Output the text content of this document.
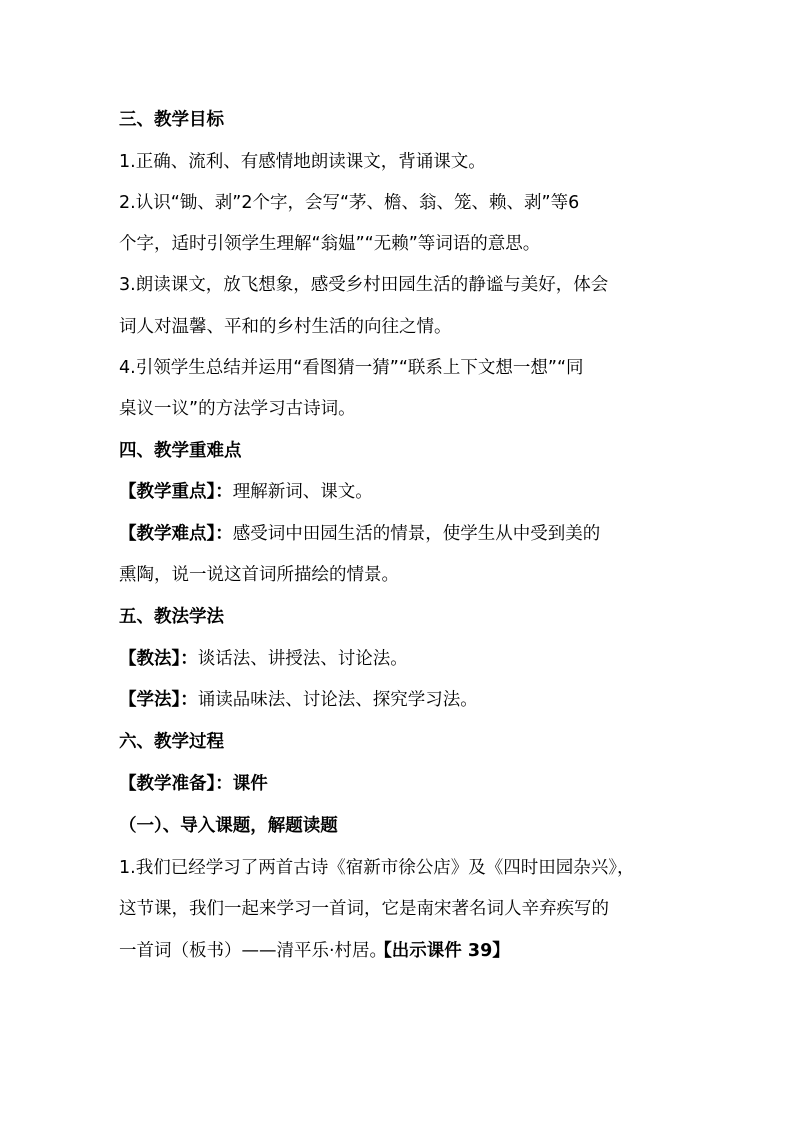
三、教学目标
1.正确、流利、有感情地朗读课文，背诵课文。
2.认识“锄、剥”2个字，会写“茅、檐、翁、笼、赖、剥”等6
个字，适时引领学生理解“翁媪”“无赖”等词语的意思。
3.朗读课文，放飞想象，感受乡村田园生活的静谧与美好，体会
词人对温馨、平和的乡村生活的向往之情。
4.引领学生总结并运用“看图猜一猜”“联系上下文想一想”“同
桌议一议”的方法学习古诗词。
四、教学重难点
【教学重点】：理解新词、课文。
【教学难点】：感受词中田园生活的情景，使学生从中受到美的
熏陶，说一说这首词所描绘的情景。
五、教法学法
【教法】：谈话法、讲授法、讨论法。
【学法】：诵读品味法、讨论法、探究学习法。
六、教学过程
【教学准备】：课件
（一）、导入课题，解题读题
1.我们已经学习了两首古诗《宿新市徐公店》及《四时田园杂兴》，
这节课，我们一起来学习一首词，它是南宋著名词人辛弃疾写的
一首词（板书）——清平乐·村居。【出示课件 39】
